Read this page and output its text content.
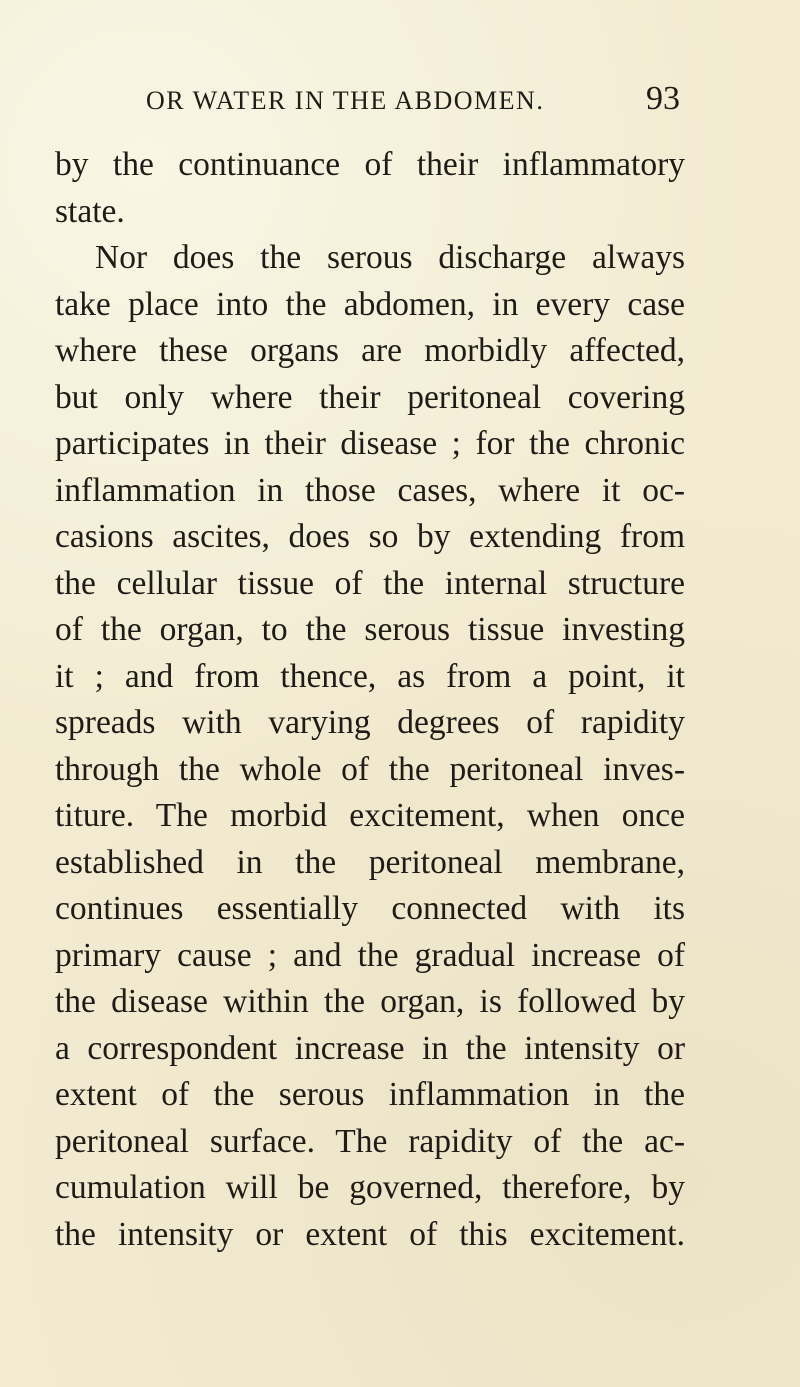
OR WATER IN THE ABDOMEN.	93
by the continuance of their inflammatory
state.
Nor does the serous discharge always
take place into the abdomen, in every case
where these organs are morbidly affected,
but only where their peritoneal covering
participates in their disease ; for the chronic
inflammation in those cases, where it oc-
casions ascites, does so by extending from
the cellular tissue of the internal structure
of the organ, to the serous tissue investing
it ; and from thence, as from a point, it
spreads with varying degrees of rapidity
through the whole of the peritoneal inves-
titure. The morbid excitement, when once
established in the peritoneal membrane,
continues essentially connected with its
primary cause ; and the gradual increase of
the disease within the organ, is followed by
a correspondent increase in the intensity or
extent of the serous inflammation in the
peritoneal surface. The rapidity of the ac-
cumulation will be governed, therefore, by
the intensity or extent of this excitement.
